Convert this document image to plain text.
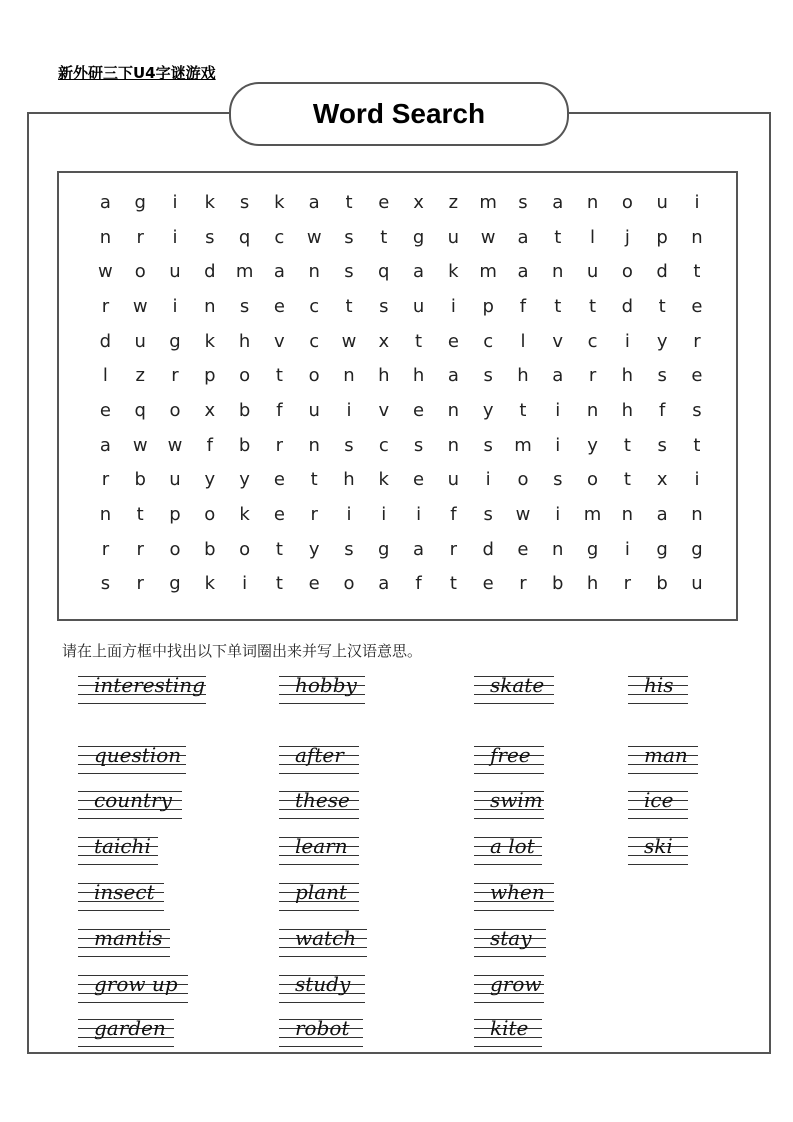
新外研三下U4字谜游戏
Word Search
a	g	i	k	s	k	a	t	e	x	z	m	s	a	n	o	u	i
n	r	i	s	q	c	w	s	t	g	u	w	a	t	l	j	p	n
w	o	u	d	m	a	n	s	q	a	k	m	a	n	u	o	d	t
r	w	i	n	s	e	c	t	s	u	i	p	f	t	t	d	t	e
d	u	g	k	h	v	c	w	x	t	e	c	l	v	c	i	y	r
l	z	r	p	o	t	o	n	h	h	a	s	h	a	r	h	s	e
e	q	o	x	b	f	u	i	v	e	n	y	t	i	n	h	f	s
a	w	w	f	b	r	n	s	c	s	n	s	m	i	y	t	s	t
r	b	u	y	y	e	t	h	k	e	u	i	o	s	o	t	x	i
n	t	p	o	k	e	r	i	i	i	f	s	w	i	m	n	a	n
r	r	o	b	o	t	y	s	g	a	r	d	e	n	g	i	g	g
s	r	g	k	i	t	e	o	a	f	t	e	r	b	h	r	b	u
请在上面方框中找出以下单词圈出来并写上汉语意思。
interesting
question
country
taichi
insect
mantis
grow up
garden
hobby
after
these
learn
plant
watch
study
robot
skate
free
swim
a lot
when
stay
grow
kite
his
man
ice
ski
